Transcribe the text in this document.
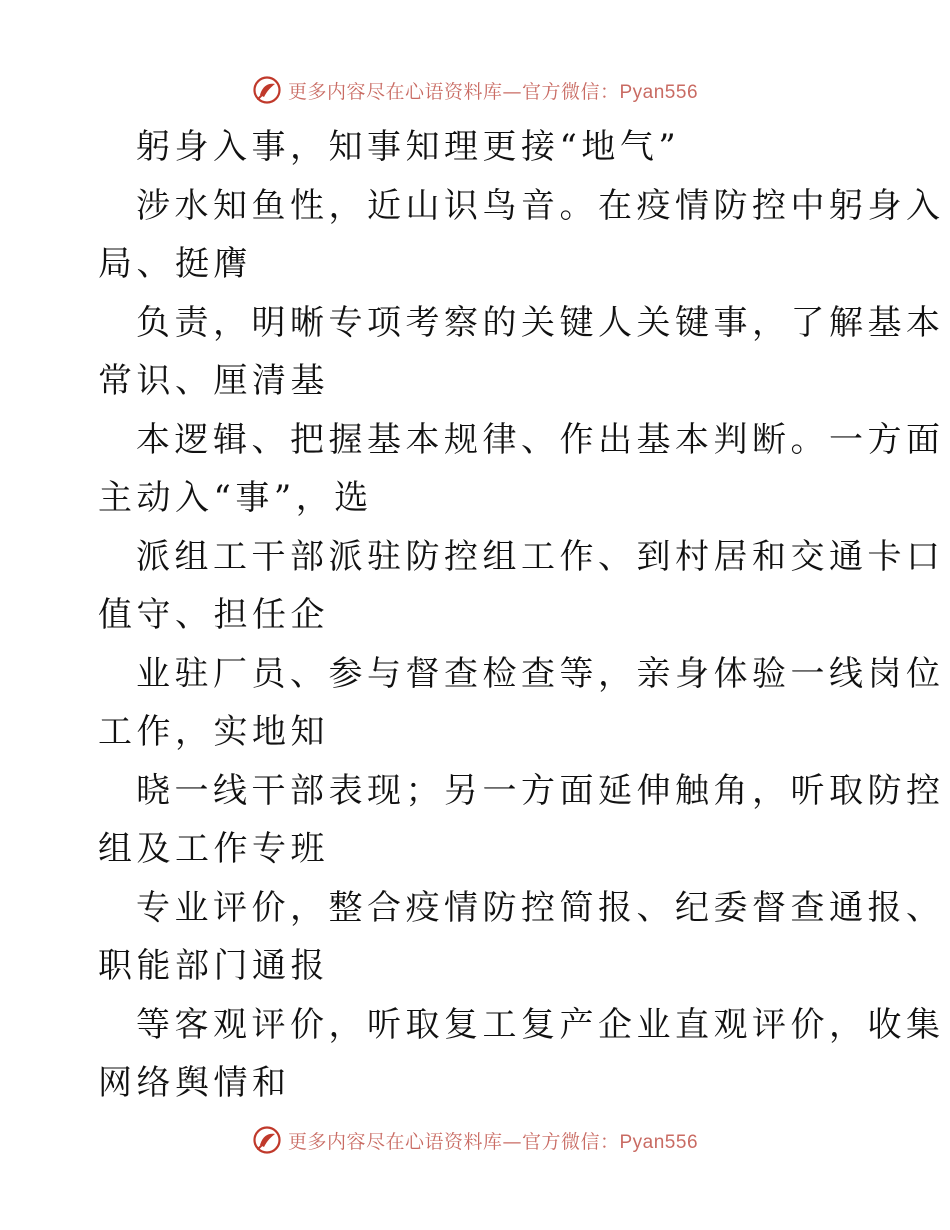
更多内容尽在心语资料库—官方微信：Pyan556

躬身入事，知事知理更接“地气”

涉水知鱼性，近山识鸟音。在疫情防控中躬身入
局、挺膺

负责，明晰专项考察的关键人关键事，了解基本
常识、厘清基

本逻辑、把握基本规律、作出基本判断。一方面
主动入“事”，选

派组工干部派驻防控组工作、到村居和交通卡口
值守、担任企

业驻厂员、参与督查检查等，亲身体验一线岗位
工作，实地知

晓一线干部表现；另一方面延伸触角，听取防控
组及工作专班

专业评价，整合疫情防控简报、纪委督查通报、
职能部门通报

等客观评价，听取复工复产企业直观评价，收集
网络舆情和

更多内容尽在心语资料库—官方微信：Pyan556
